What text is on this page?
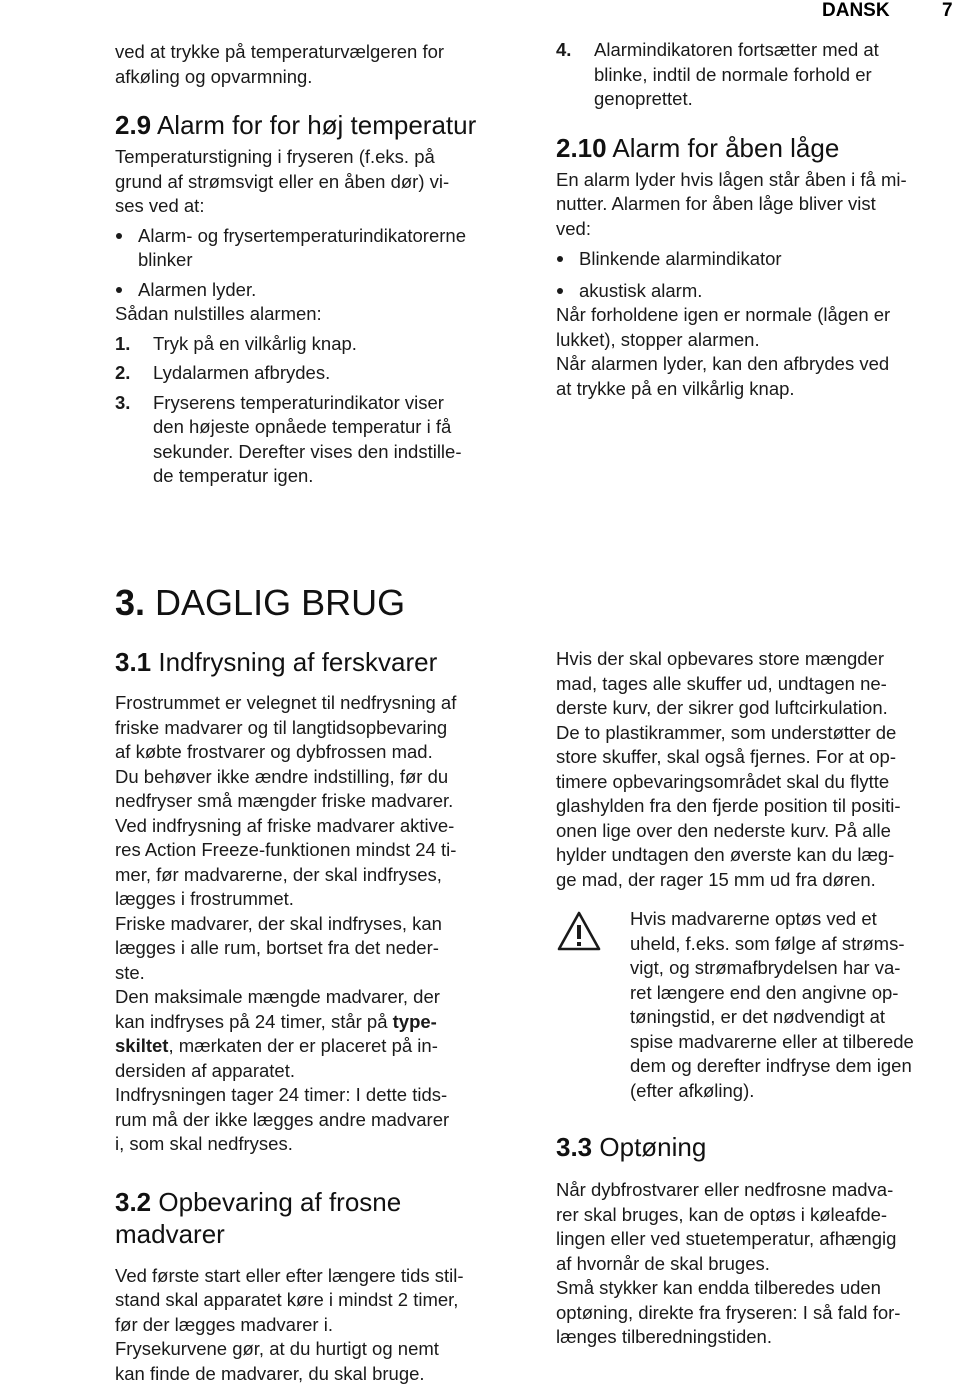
DANSK	7

ved at trykke på temperaturvælgeren for
afkøling og opvarmning.

2.9 Alarm for for høj temperatur

Temperaturstigning i fryseren (f.eks. på
grund af strømsvigt eller en åben dør) vi-
ses ved at:

Alarm- og frysertemperaturindikatorerne
blinker
Alarmen lyder.

Sådan nulstilles alarmen:

1.	Tryk på en vilkårlig knap.
2.	Lydalarmen afbrydes.
3.	Fryserens temperaturindikator viser
den højeste opnåede temperatur i få
sekunder. Derefter vises den indstille-
de temperatur igen.
4.	Alarmindikatoren fortsætter med at
blinke, indtil de normale forhold er
genoprettet.
2.10 Alarm for åben låge

En alarm lyder hvis lågen står åben i få mi-
nutter. Alarmen for åben låge bliver vist
ved:

Blinkende alarmindikator
akustisk alarm.

Når forholdene igen er normale (lågen er
lukket), stopper alarmen.
Når alarmen lyder, kan den afbrydes ved
at trykke på en vilkårlig knap.

3. DAGLIG BRUG
3.1 Indfrysning af ferskvarer

Frostrummet er velegnet til nedfrysning af
friske madvarer og til langtidsopbevaring
af købte frostvarer og dybfrossen mad.
Du behøver ikke ændre indstilling, før du
nedfryser små mængder friske madvarer.
Ved indfrysning af friske madvarer aktive-
res Action Freeze-funktionen mindst 24 ti-
mer, før madvarerne, der skal indfryses,
lægges i frostrummet.
Friske madvarer, der skal indfryses, kan
lægges i alle rum, bortset fra det neder-
ste.
Den maksimale mængde madvarer, der
kan indfryses på 24 timer, står på type-
skiltet, mærkaten der er placeret på in-
dersiden af apparatet.
Indfrysningen tager 24 timer: I dette tids-
rum må der ikke lægges andre madvarer
i, som skal nedfryses.

3.2 Opbevaring af frosne
madvarer

Ved første start eller efter længere tids stil-
stand skal apparatet køre i mindst 2 timer,
før der lægges madvarer i.
Frysekurvene gør, at du hurtigt og nemt
kan finde de madvarer, du skal bruge.

Hvis der skal opbevares store mængder
mad, tages alle skuffer ud, undtagen ne-
derste kurv, der sikrer god luftcirkulation.
De to plastikrammer, som understøtter de
store skuffer, skal også fjernes. For at op-
timere opbevaringsområdet skal du flytte
glashylden fra den fjerde position til positi-
onen lige over den nederste kurv. På alle
hylder undtagen den øverste kan du læg-
ge mad, der rager 15 mm ud fra døren.

Hvis madvarerne optøs ved et
uheld, f.eks. som følge af strøms-
vigt, og strømafbrydelsen har va-
ret længere end den angivne op-
tøningstid, er det nødvendigt at
spise madvarerne eller at tilberede
dem og derefter indfryse dem igen
(efter afkøling).

3.3 Optøning

Når dybfrostvarer eller nedfrosne madva-
rer skal bruges, kan de optøs i køleafde-
lingen eller ved stuetemperatur, afhængig
af hvornår de skal bruges.
Små stykker kan endda tilberedes uden
optøning, direkte fra fryseren: I så fald for-
længes tilberedningstiden.
